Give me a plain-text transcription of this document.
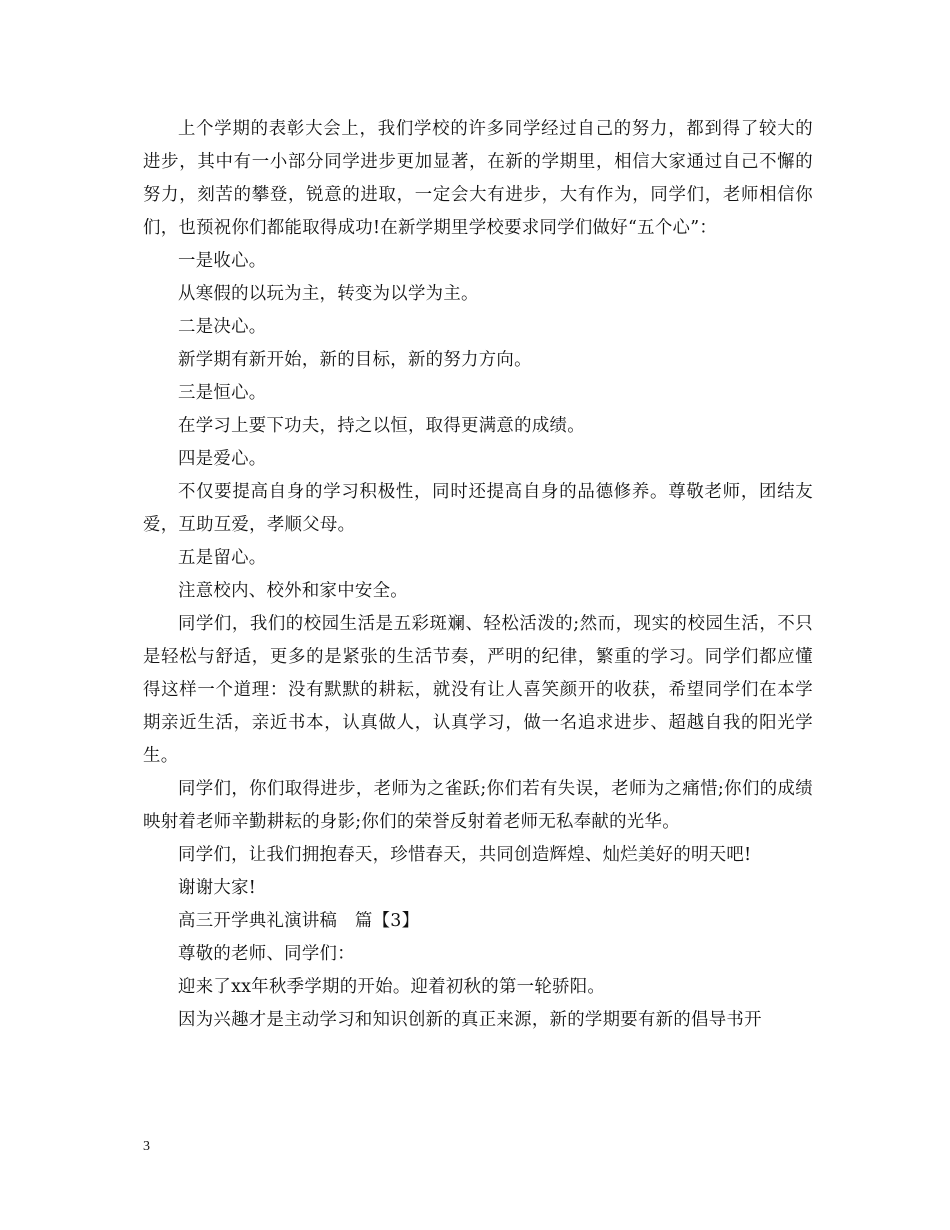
上个学期的表彰大会上，我们学校的许多同学经过自己的努力，都到得了较大的进步，其中有一小部分同学进步更加显著，在新的学期里，相信大家通过自己不懈的努力，刻苦的攀登，锐意的进取，一定会大有进步，大有作为，同学们，老师相信你们，也预祝你们都能取得成功!在新学期里学校要求同学们做好“五个心”：

一是收心。

从寒假的以玩为主，转变为以学为主。

二是决心。

新学期有新开始，新的目标，新的努力方向。

三是恒心。

在学习上要下功夫，持之以恒，取得更满意的成绩。

四是爱心。

不仅要提高自身的学习积极性，同时还提高自身的品德修养。尊敬老师，团结友爱，互助互爱，孝顺父母。

五是留心。

注意校内、校外和家中安全。

同学们，我们的校园生活是五彩斑斓、轻松活泼的;然而，现实的校园生活，不只是轻松与舒适，更多的是紧张的生活节奏，严明的纪律，繁重的学习。同学们都应懂得这样一个道理：没有默默的耕耘，就没有让人喜笑颜开的收获，希望同学们在本学期亲近生活，亲近书本，认真做人，认真学习，做一名追求进步、超越自我的阳光学生。

同学们，你们取得进步，老师为之雀跃;你们若有失误，老师为之痛惜;你们的成绩映射着老师辛勤耕耘的身影;你们的荣誉反射着老师无私奉献的光华。

同学们，让我们拥抱春天，珍惜春天，共同创造辉煌、灿烂美好的明天吧!

谢谢大家!

高三开学典礼演讲稿　篇【3】

尊敬的老师、同学们：

迎来了xx年秋季学期的开始。迎着初秋的第一轮骄阳。

因为兴趣才是主动学习和知识创新的真正来源，新的学期要有新的倡导书开

3
